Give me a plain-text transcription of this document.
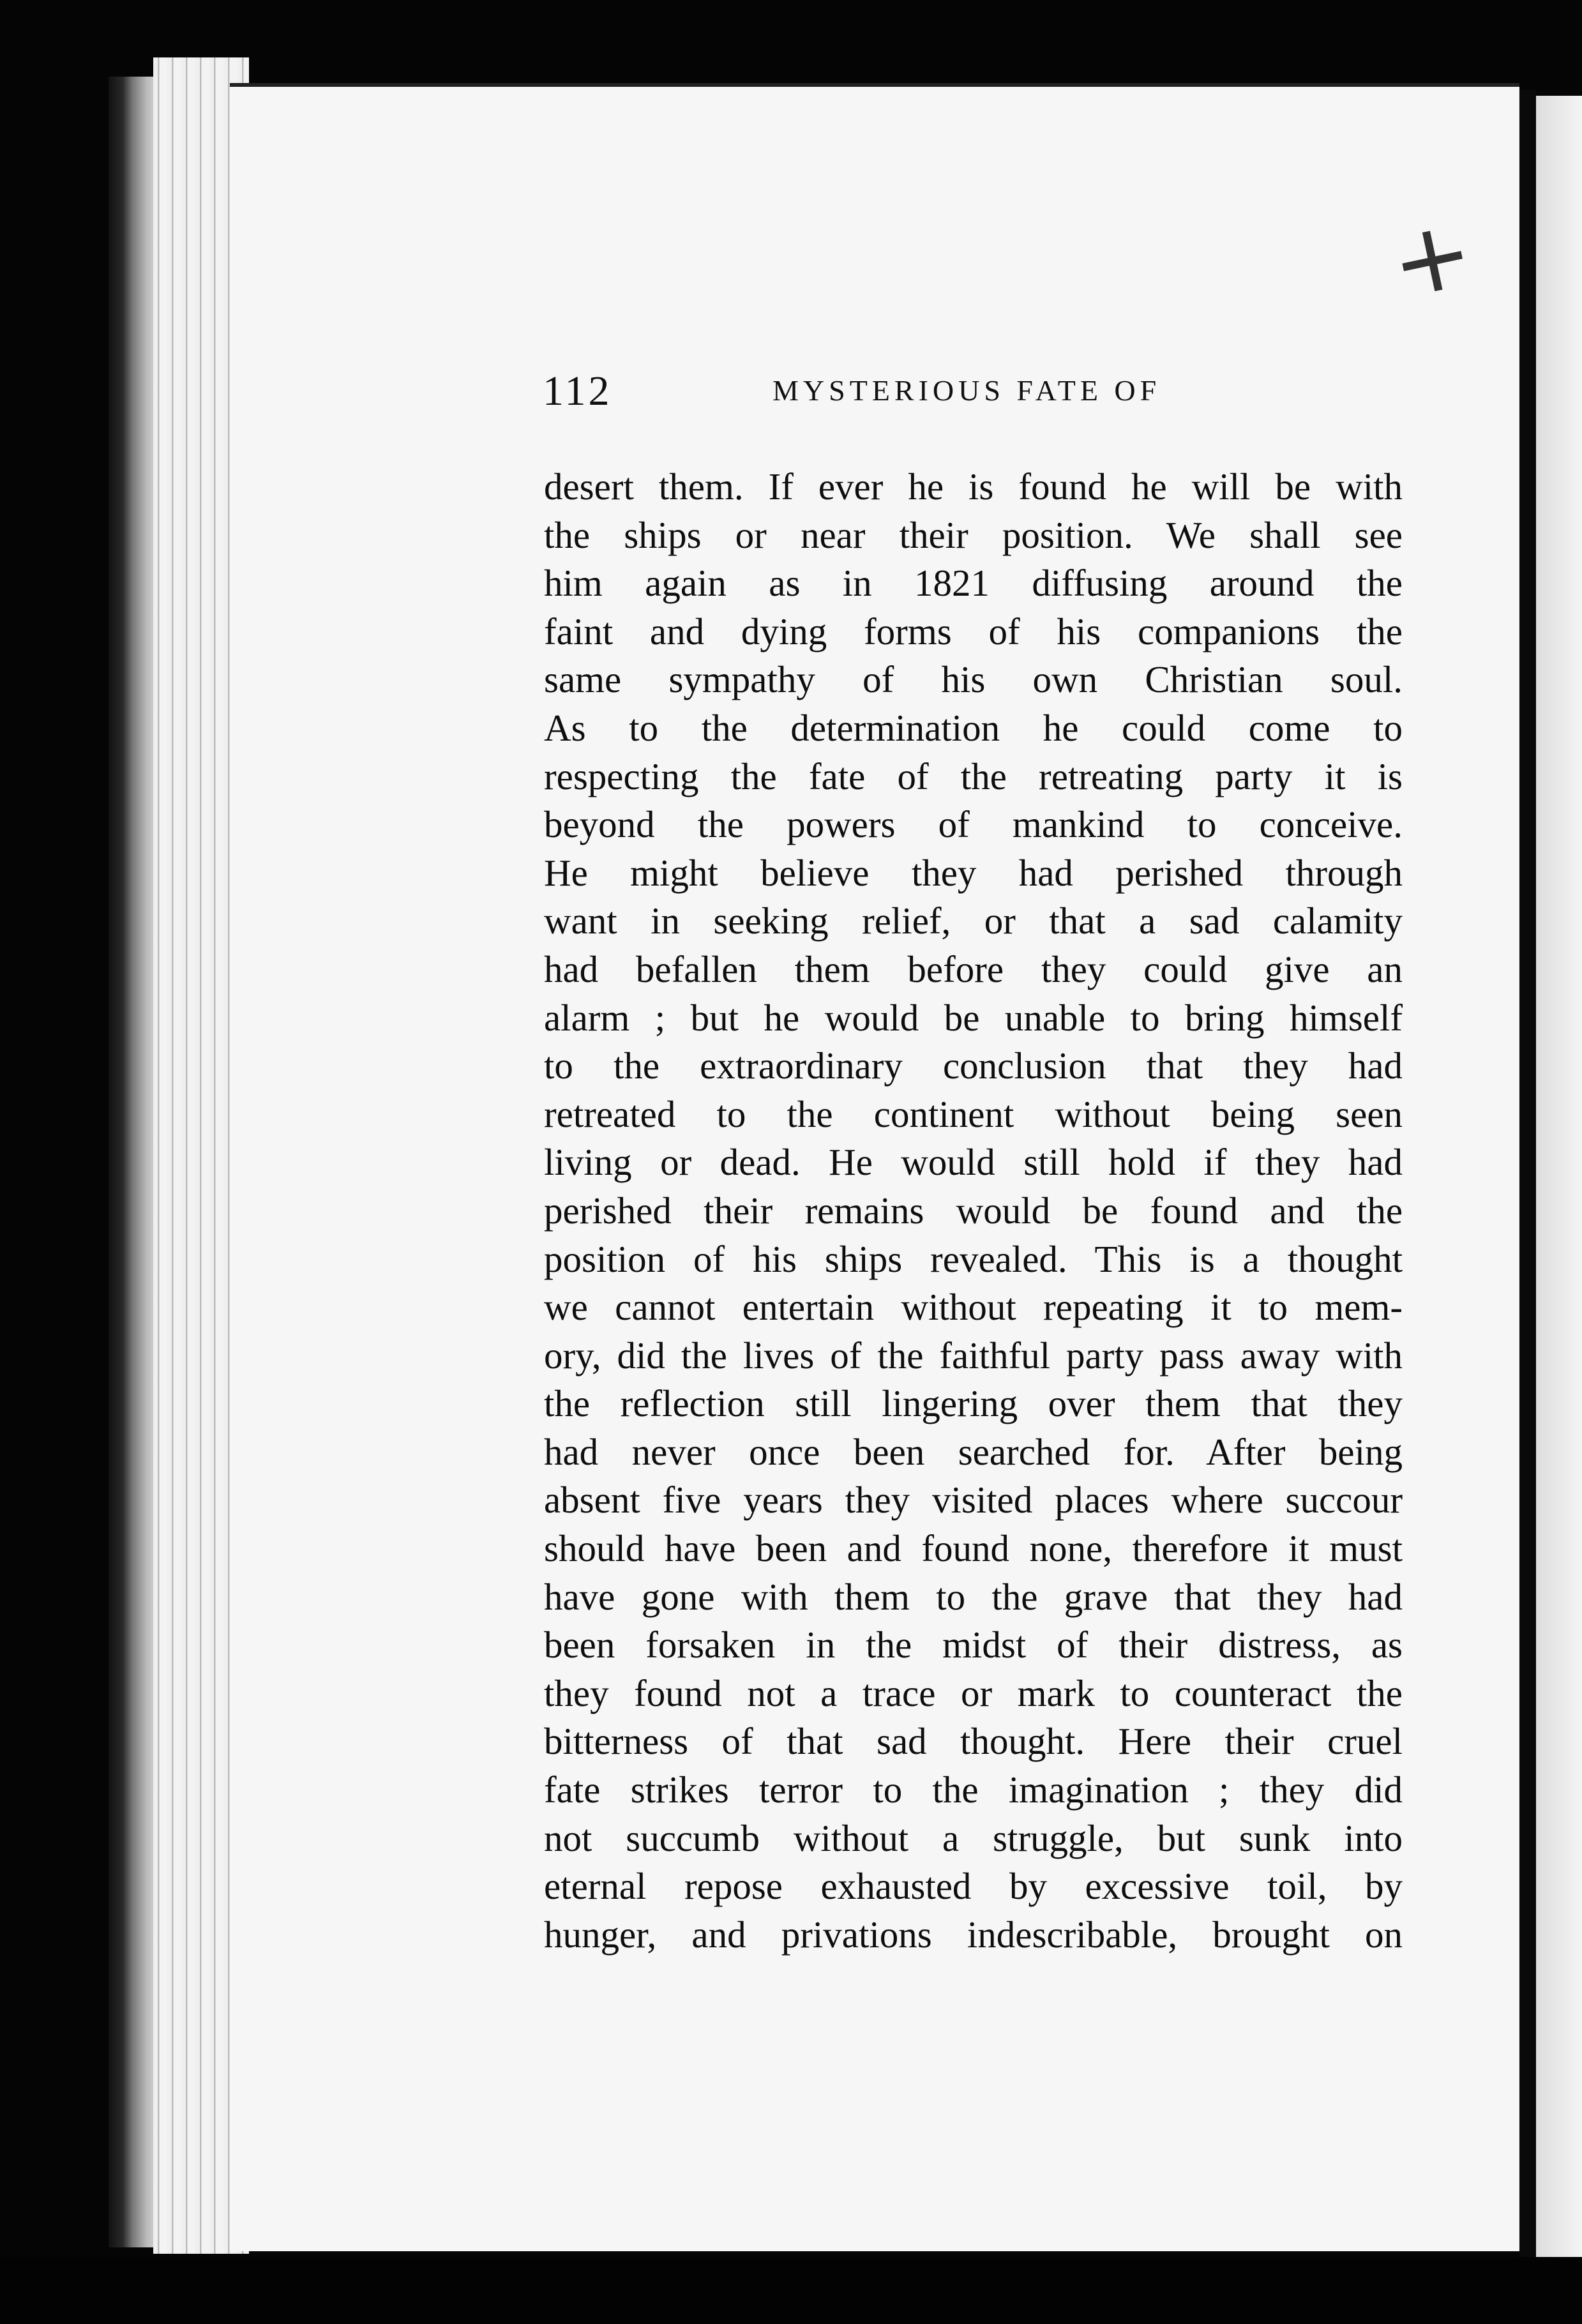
+
112	MYSTERIOUS FATE OF
desert them. If ever he is found he will be with
the ships or near their position. We shall see
him again as in 1821 diffusing around the
faint and dying forms of his companions the
same sympathy of his own Christian soul.
As to the determination he could come to
respecting the fate of the retreating party it is
beyond the powers of mankind to conceive.
He might believe they had perished through
want in seeking relief, or that a sad calamity
had befallen them before they could give an
alarm ; but he would be unable to bring himself
to the extraordinary conclusion that they had
retreated to the continent without being seen
living or dead. He would still hold if they had
perished their remains would be found and the
position of his ships revealed. This is a thought
we cannot entertain without repeating it to mem-
ory, did the lives of the faithful party pass away with
the reflection still lingering over them that they
had never once been searched for. After being
absent five years they visited places where succour
should have been and found none, therefore it must
have gone with them to the grave that they had
been forsaken in the midst of their distress, as
they found not a trace or mark to counteract the
bitterness of that sad thought. Here their cruel
fate strikes terror to the imagination ; they did
not succumb without a struggle, but sunk into
eternal repose exhausted by excessive toil, by
hunger, and privations indescribable, brought on
